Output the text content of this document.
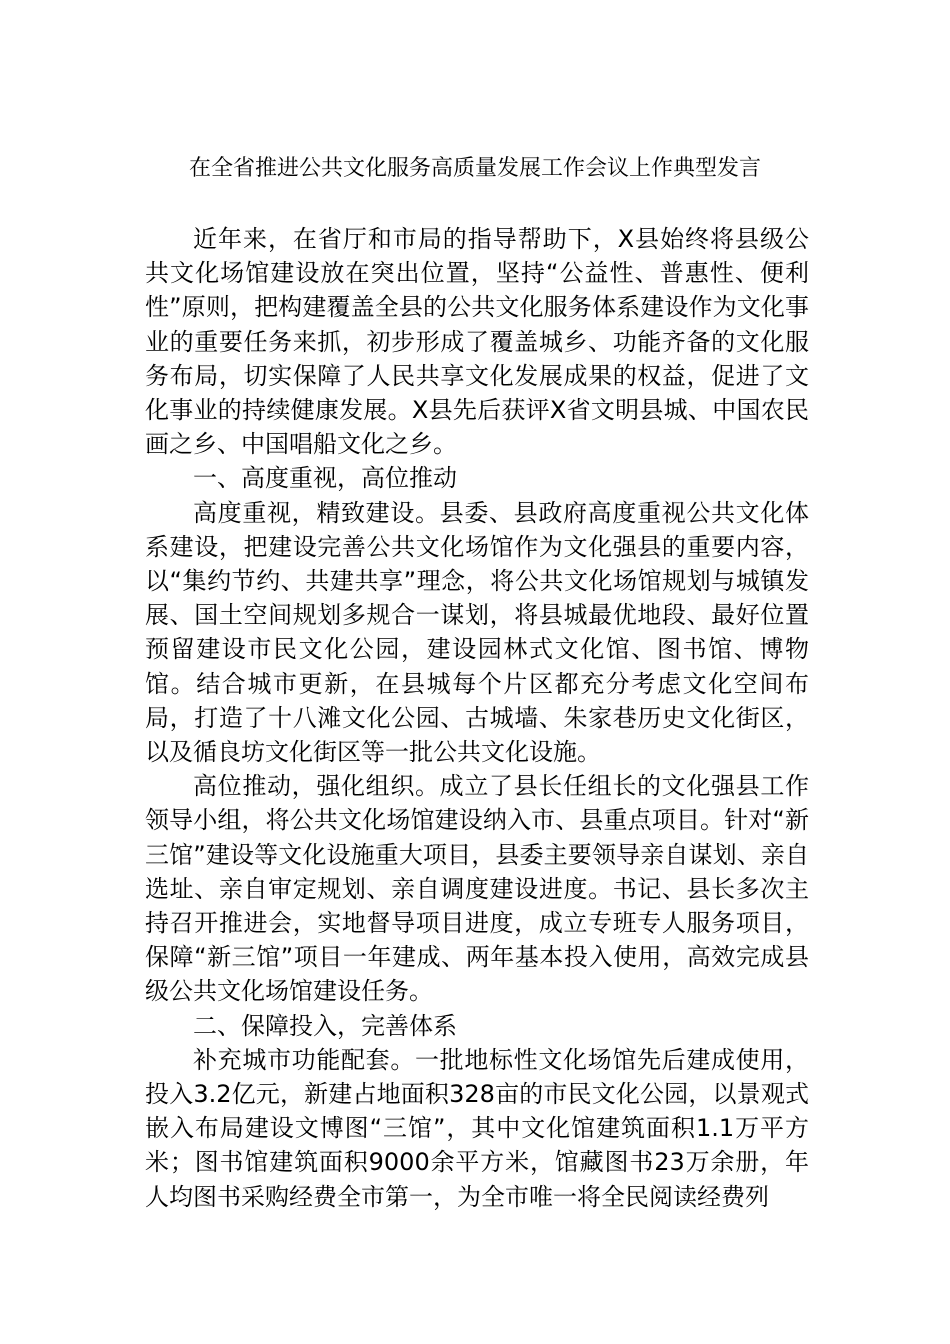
在全省推进公共文化服务高质量发展工作会议上作典型发言

近年来，在省厅和市局的指导帮助下，X县始终将县级公共文化场馆建设放在突出位置，坚持“公益性、普惠性、便利性”原则，把构建覆盖全县的公共文化服务体系建设作为文化事业的重要任务来抓，初步形成了覆盖城乡、功能齐备的文化服务布局，切实保障了人民共享文化发展成果的权益，促进了文化事业的持续健康发展。X县先后获评X省文明县城、中国农民画之乡、中国唱船文化之乡。

一、高度重视，高位推动

高度重视，精致建设。县委、县政府高度重视公共文化体系建设，把建设完善公共文化场馆作为文化强县的重要内容，以“集约节约、共建共享”理念，将公共文化场馆规划与城镇发展、国土空间规划多规合一谋划，将县城最优地段、最好位置预留建设市民文化公园，建设园林式文化馆、图书馆、博物馆。结合城市更新，在县城每个片区都充分考虑文化空间布局，打造了十八滩文化公园、古城墙、朱家巷历史文化街区，以及循良坊文化街区等一批公共文化设施。

高位推动，强化组织。成立了县长任组长的文化强县工作领导小组，将公共文化场馆建设纳入市、县重点项目。针对“新三馆”建设等文化设施重大项目，县委主要领导亲自谋划、亲自选址、亲自审定规划、亲自调度建设进度。书记、县长多次主持召开推进会，实地督导项目进度，成立专班专人服务项目，保障“新三馆”项目一年建成、两年基本投入使用，高效完成县级公共文化场馆建设任务。

二、保障投入，完善体系

补充城市功能配套。一批地标性文化场馆先后建成使用，投入3.2亿元，新建占地面积328亩的市民文化公园，以景观式嵌入布局建设文博图“三馆”，其中文化馆建筑面积1.1万平方米；图书馆建筑面积9000余平方米，馆藏图书23万余册，年人均图书采购经费全市第一，为全市唯一将全民阅读经费列
